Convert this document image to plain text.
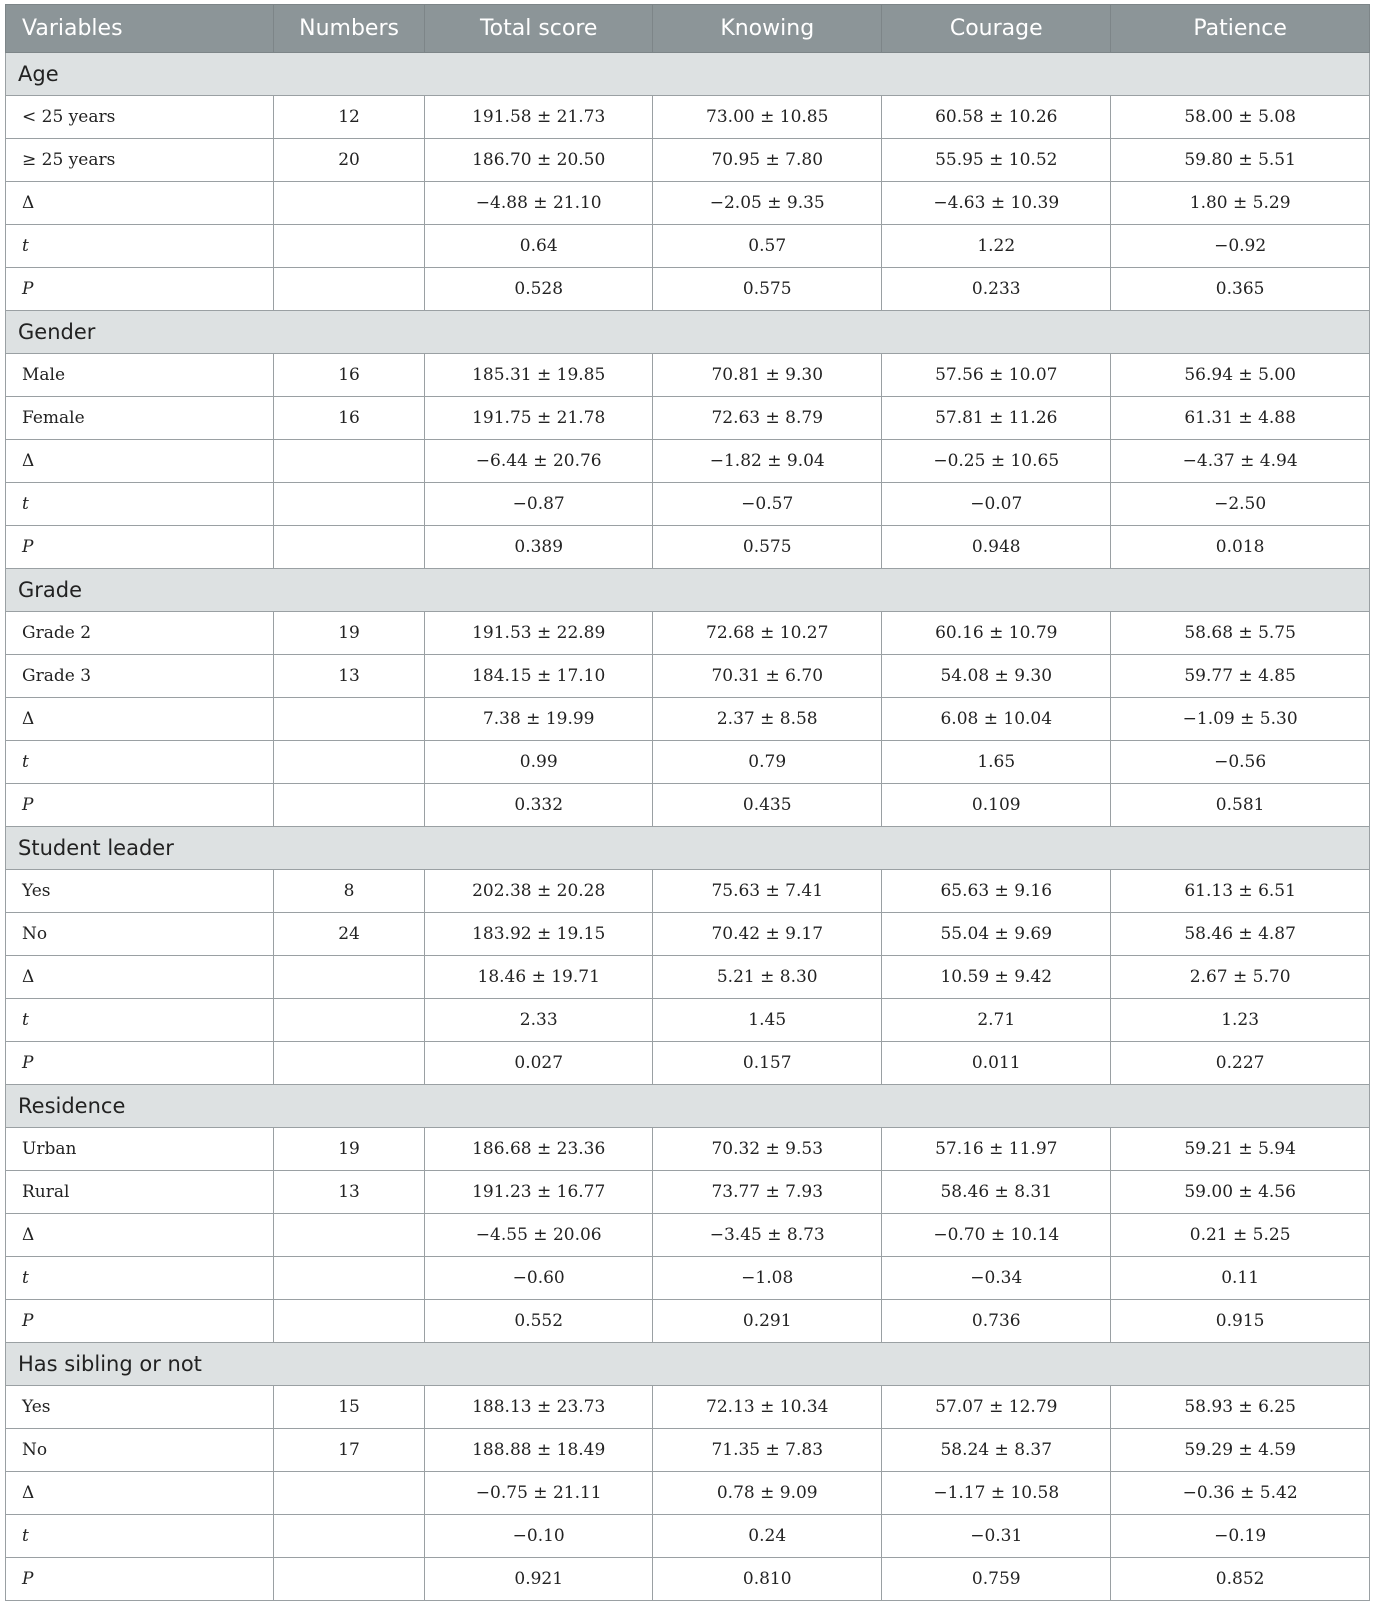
Variables	Numbers	Total score	Knowing	Courage	Patience
Age					
< 25 years	12	191.58 ± 21.73	73.00 ± 10.85	60.58 ± 10.26	58.00 ± 5.08
≥ 25 years	20	186.70 ± 20.50	70.95 ± 7.80	55.95 ± 10.52	59.80 ± 5.51
Δ		−4.88 ± 21.10	−2.05 ± 9.35	−4.63 ± 10.39	1.80 ± 5.29
t		0.64	0.57	1.22	−0.92
P		0.528	0.575	0.233	0.365
Gender					
Male	16	185.31 ± 19.85	70.81 ± 9.30	57.56 ± 10.07	56.94 ± 5.00
Female	16	191.75 ± 21.78	72.63 ± 8.79	57.81 ± 11.26	61.31 ± 4.88
Δ		−6.44 ± 20.76	−1.82 ± 9.04	−0.25 ± 10.65	−4.37 ± 4.94
t		−0.87	−0.57	−0.07	−2.50
P		0.389	0.575	0.948	0.018
Grade					
Grade 2	19	191.53 ± 22.89	72.68 ± 10.27	60.16 ± 10.79	58.68 ± 5.75
Grade 3	13	184.15 ± 17.10	70.31 ± 6.70	54.08 ± 9.30	59.77 ± 4.85
Δ		7.38 ± 19.99	2.37 ± 8.58	6.08 ± 10.04	−1.09 ± 5.30
t		0.99	0.79	1.65	−0.56
P		0.332	0.435	0.109	0.581
Student leader					
Yes	8	202.38 ± 20.28	75.63 ± 7.41	65.63 ± 9.16	61.13 ± 6.51
No	24	183.92 ± 19.15	70.42 ± 9.17	55.04 ± 9.69	58.46 ± 4.87
Δ		18.46 ± 19.71	5.21 ± 8.30	10.59 ± 9.42	2.67 ± 5.70
t		2.33	1.45	2.71	1.23
P		0.027	0.157	0.011	0.227
Residence					
Urban	19	186.68 ± 23.36	70.32 ± 9.53	57.16 ± 11.97	59.21 ± 5.94
Rural	13	191.23 ± 16.77	73.77 ± 7.93	58.46 ± 8.31	59.00 ± 4.56
Δ		−4.55 ± 20.06	−3.45 ± 8.73	−0.70 ± 10.14	0.21 ± 5.25
t		−0.60	−1.08	−0.34	0.11
P		0.552	0.291	0.736	0.915
Has sibling or not					
Yes	15	188.13 ± 23.73	72.13 ± 10.34	57.07 ± 12.79	58.93 ± 6.25
No	17	188.88 ± 18.49	71.35 ± 7.83	58.24 ± 8.37	59.29 ± 4.59
Δ		−0.75 ± 21.11	0.78 ± 9.09	−1.17 ± 10.58	−0.36 ± 5.42
t		−0.10	0.24	−0.31	−0.19
P		0.921	0.810	0.759	0.852
